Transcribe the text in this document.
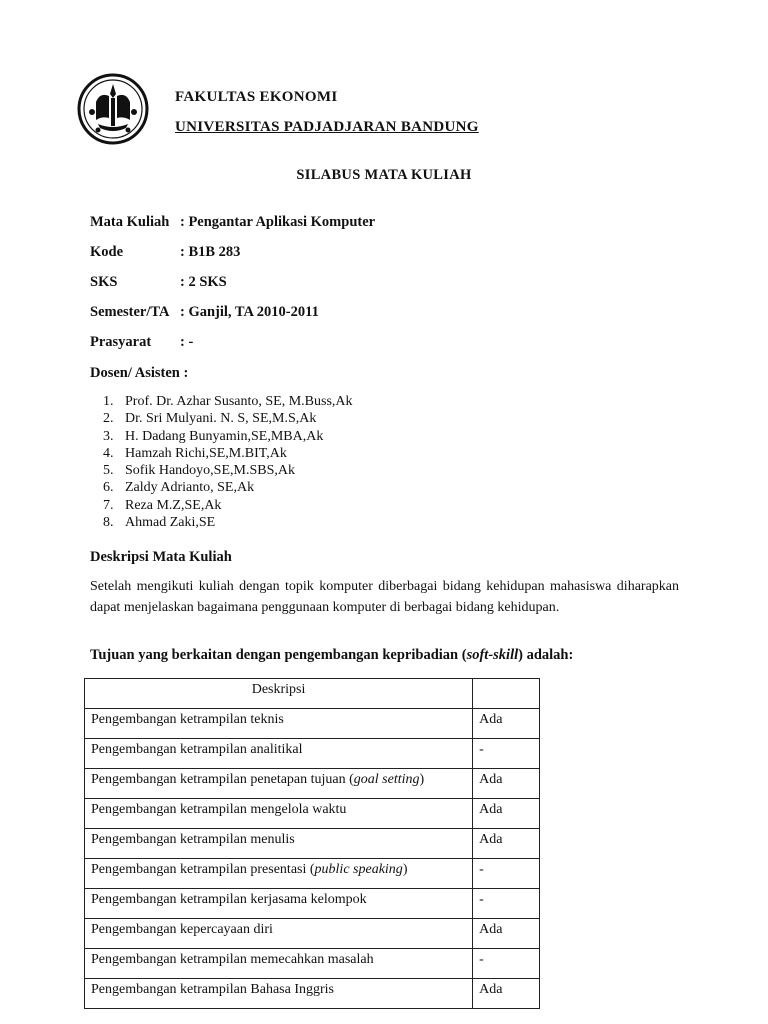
FAKULTAS EKONOMI
UNIVERSITAS PADJADJARAN BANDUNG
SILABUS MATA KULIAH
Mata Kuliah : Pengantar Aplikasi Komputer
Kode	: B1B 283
SKS	: 2 SKS
Semester/TA : Ganjil, TA 2010-2011
Prasyarat : -
Dosen/ Asisten :
1. Prof. Dr. Azhar Susanto, SE, M.Buss,Ak
2. Dr. Sri Mulyani. N. S, SE,M.S,Ak
3. H. Dadang Bunyamin,SE,MBA,Ak
4. Hamzah Richi,SE,M.BIT,Ak
5. Sofik Handoyo,SE,M.SBS,Ak
6. Zaldy Adrianto, SE,Ak
7. Reza M.Z,SE,Ak
8. Ahmad Zaki,SE
Deskripsi Mata Kuliah
Setelah mengikuti kuliah dengan topik komputer diberbagai bidang kehidupan mahasiswa diharapkan dapat menjelaskan bagaimana penggunaan komputer di berbagai bidang kehidupan.
Tujuan yang berkaitan dengan pengembangan kepribadian (soft-skill) adalah:
Deskripsi	
Pengembangan ketrampilan teknis	Ada
Pengembangan ketrampilan analitikal	-
Pengembangan ketrampilan penetapan tujuan (goal setting)	Ada
Pengembangan ketrampilan mengelola waktu	Ada
Pengembangan ketrampilan menulis	Ada
Pengembangan ketrampilan presentasi (public speaking)	-
Pengembangan ketrampilan kerjasama kelompok	-
Pengembangan kepercayaan diri	Ada
Pengembangan ketrampilan memecahkan masalah	-
Pengembangan ketrampilan Bahasa Inggris	Ada
